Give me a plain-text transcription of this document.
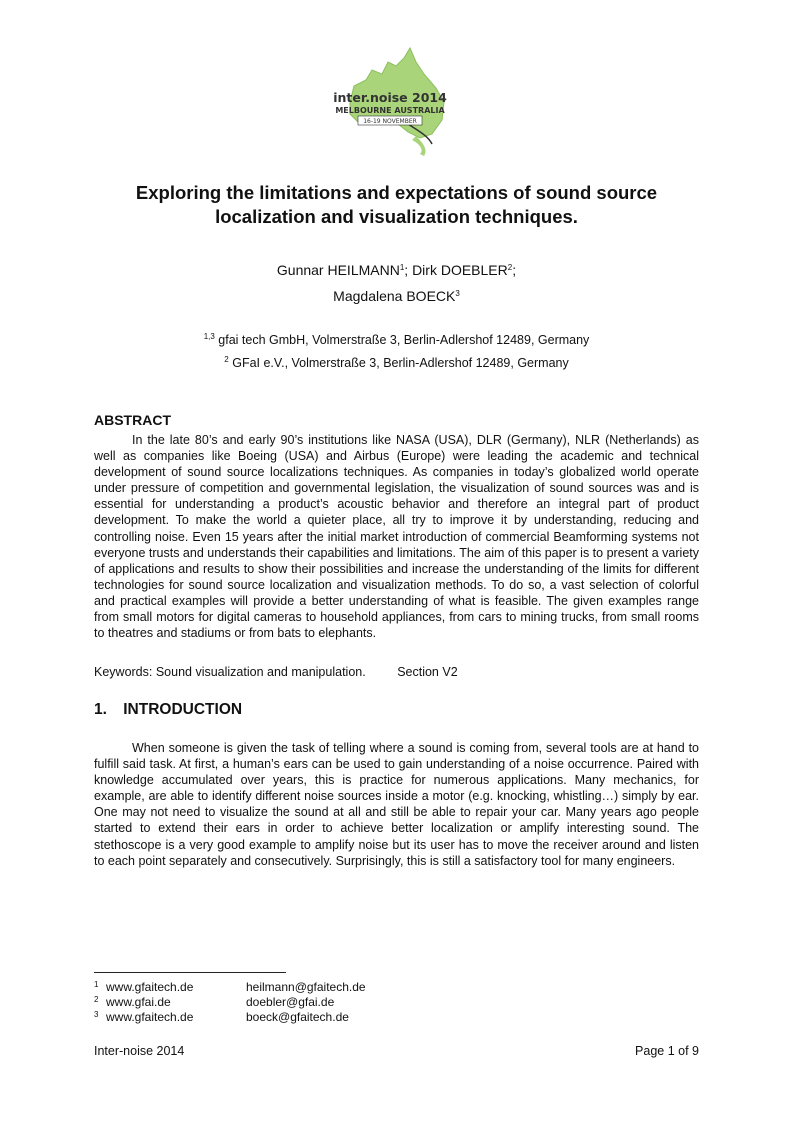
inter.noise 2014
MELBOURNE AUSTRALIA
16-19 NOVEMBER
Exploring the limitations and expectations of sound source
localization and visualization techniques.
Gunnar HEILMANN$^1$; Dirk DOEBLER$^2$;
Magdalena BOECK$^3$
$^{1,3}$ gfai tech GmbH, Volmerstraße 3, Berlin-Adlershof 12489, Germany
$^2$ GFaI e.V., Volmerstraße 3, Berlin-Adlershof 12489, Germany
ABSTRACT

In the late 80’s and early 90’s institutions like NASA (USA), DLR (Germany), NLR (Netherlands) as well as companies like Boeing (USA) and Airbus (Europe) were leading the academic and technical development of sound source localizations techniques. As companies in today’s globalized world operate under pressure of competition and governmental legislation, the visualization of sound sources was and is essential for understanding a product’s acoustic behavior and therefore an integral part of product development. To make the world a quieter place, all try to improve it by understanding, reducing and controlling noise. Even 15 years after the initial market introduction of commercial Beamforming systems not everyone trusts and understands their capabilities and limitations. The aim of this paper is to present a variety of applications and results to show their possibilities and increase the understanding of the limits for different technologies for sound source localization and visualization methods. To do so, a vast selection of colorful and practical examples will provide a better understanding of what is feasible. The given examples range from small motors for digital cameras to household appliances, from cars to mining trucks, from small rooms to theatres and stadiums or from bats to elephants.

Keywords: Sound visualization and manipulation.	Section V2
1. INTRODUCTION

When someone is given the task of telling where a sound is coming from, several tools are at hand to fulfill said task. At first, a human’s ears can be used to gain understanding of a noise occurrence. Paired with knowledge accumulated over years, this is practice for numerous applications. Many mechanics, for example, are able to identify different noise sources inside a motor (e.g. knocking, whistling…) simply by ear. One may not need to visualize the sound at all and still be able to repair your car. Many years ago people started to extend their ears in order to achieve better localization or amplify interesting sound. The stethoscope is a very good example to amplify noise but its user has to move the receiver around and listen to each point separately and consecutively. Surprisingly, this is still a satisfactory tool for many engineers.

1 www.gfaitech.de	heilmann@gfaitech.de
2 www.gfai.de	doebler@gfai.de
3 www.gfaitech.de	boeck@gfaitech.de
Inter-noise 2014	Page 1 of 9
